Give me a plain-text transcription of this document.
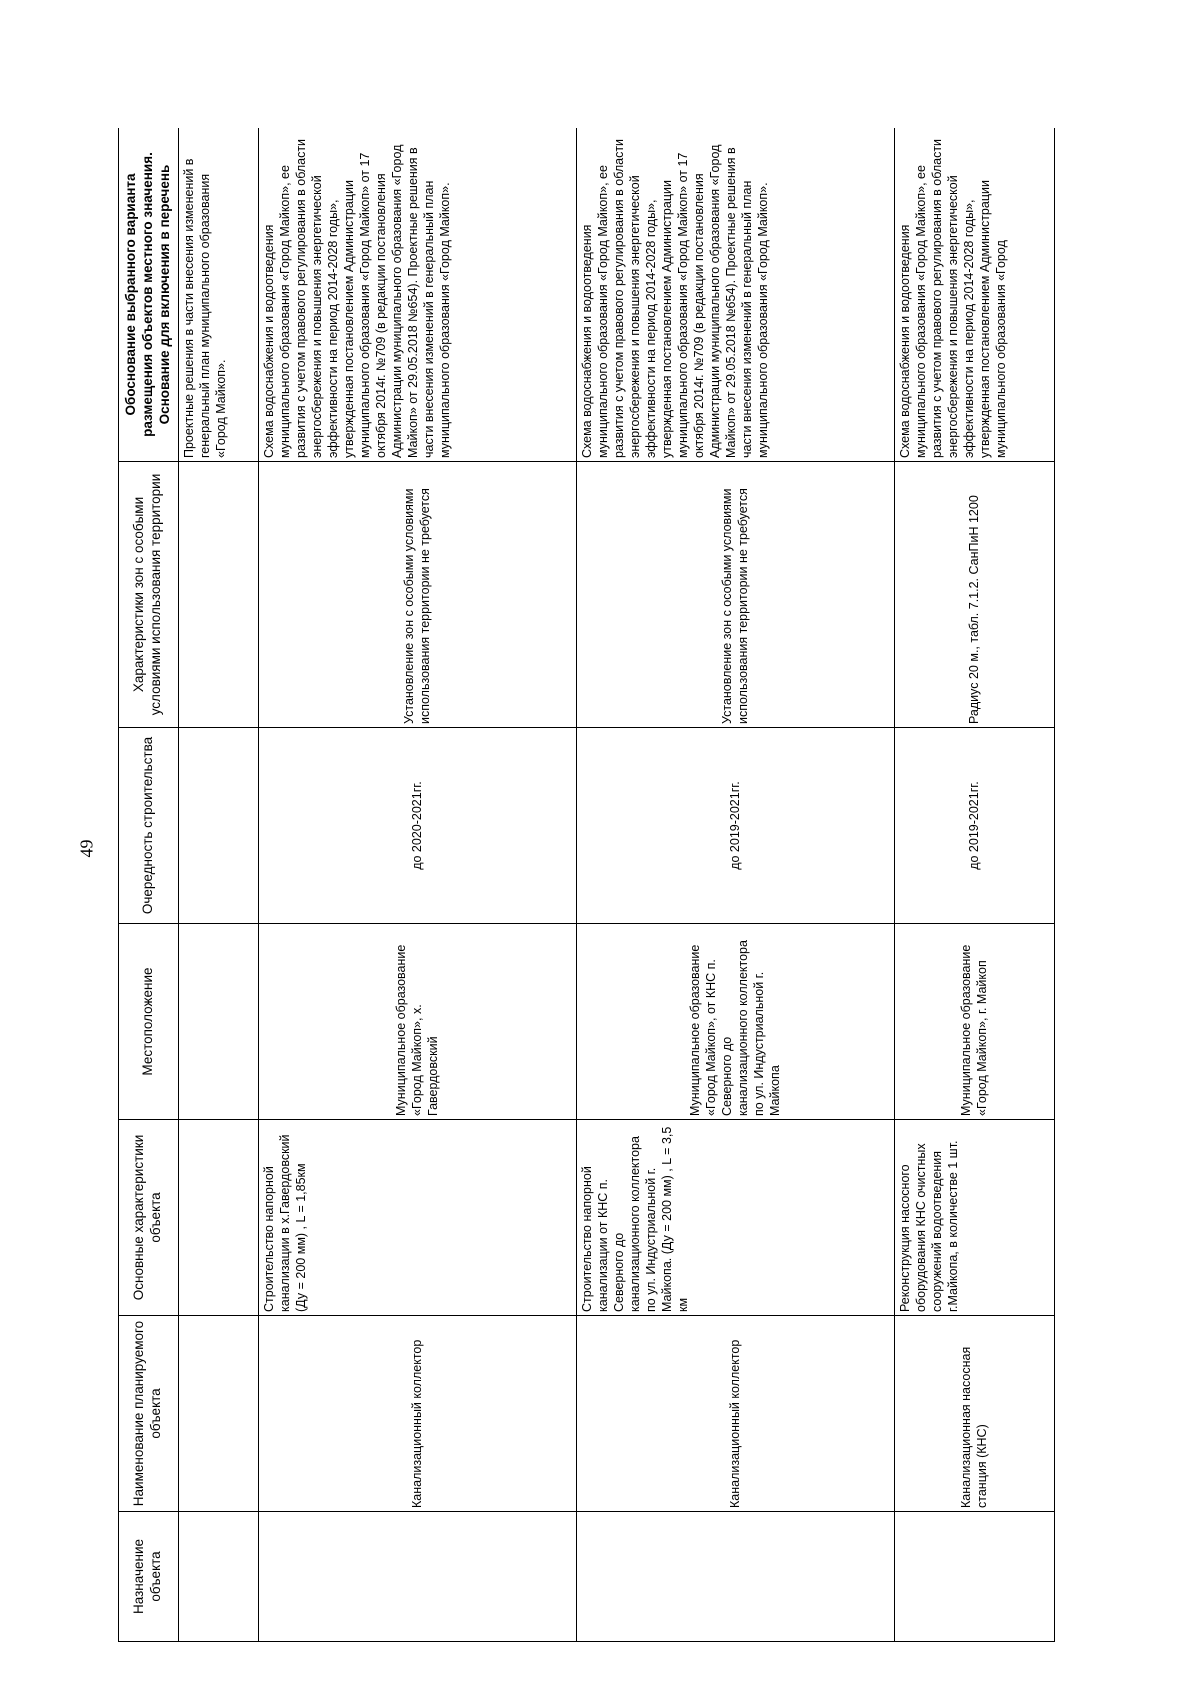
49
Назначение объекта	Наименование планируемого объекта	Основные характеристики объекта	Местоположение	Очередность строительства	Характеристики зон с особыми условиями использования территории	Обоснование выбранного варианта размещения объектов местного значения. Основание для включения в перечень

						Проектные решения в части внесения изменений в генеральный план муниципального образования «Город Майкоп».
	Канализационный коллектор	Строительство напорной канализации в х.Гавердовский (Ду = 200 мм) , L = 1,85км	Муниципальное образование «Город Майкоп», х. Гавердовский	до 2020-2021гг.	Установление зон с особыми условиями использования территории не требуется	Схема водоснабжения и водоотведения муниципального образования «Город Майкоп», ее развития с учетом правового регулирования в области энергосбережения и повышения энергетической эффективности на период 2014-2028 годы», утвержденная постановлением Администрации муниципального образования «Город Майкоп» от 17 октября 2014г. №709 (в редакции постановления Администрации муниципального образования «Город Майкоп» от 29.05.2018 №654). Проектные решения в части внесения изменений в генеральный план муниципального образования «Город Майкоп».
	Канализационный коллектор	Строительство напорной канализации от КНС п. Северного до канализационного коллектора по ул. Индустриальной г. Майкопа. (Ду = 200 мм) , L = 3,5 км	Муниципальное образование «Город Майкоп», от КНС п. Северного до канализационного коллектора по ул. Индустриальной г. Майкопа	до 2019-2021гг.	Установление зон с особыми условиями использования территории не требуется	Схема водоснабжения и водоотведения муниципального образования «Город Майкоп», ее развития с учетом правового регулирования в области энергосбережения и повышения энергетической эффективности на период 2014-2028 годы», утвержденная постановлением Администрации муниципального образования «Город Майкоп» от 17 октября 2014г. №709 (в редакции постановления Администрации муниципального образования «Город Майкоп» от 29.05.2018 №654). Проектные решения в части внесения изменений в генеральный план муниципального образования «Город Майкоп».
	Канализационная насосная станция (КНС)	Реконструкция насосного оборудования КНС очистных сооружений водоотведения г.Майкопа, в количестве 1 шт.	Муниципальное образование «Город Майкоп», г. Майкоп	до 2019-2021гг.	Радиус 20 м., табл. 7.1.2. СанПиН 1200	Схема водоснабжения и водоотведения муниципального образования «Город Майкоп», ее развития с учетом правового регулирования в области энергосбережения и повышения энергетической эффективности на период 2014-2028 годы», утвержденная постановлением Администрации муниципального образования «Город
